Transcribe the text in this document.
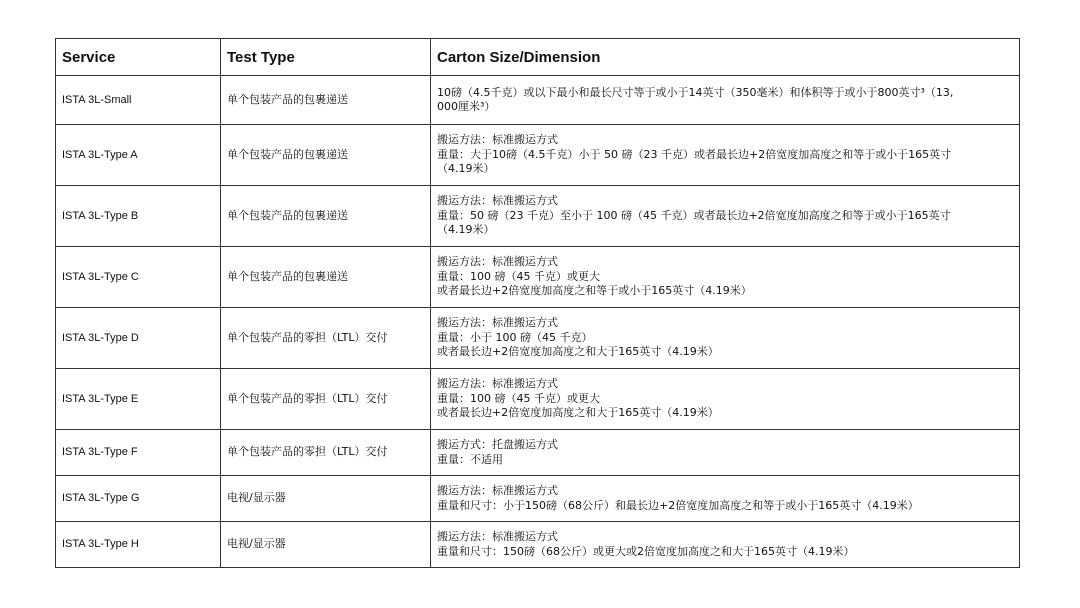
Service	Test Type	Carton Size/Dimension
ISTA 3L-Small	单个包装产品的包裹递送	10磅（4.5千克）或以下最小和最长尺寸等于或小于14英寸（350毫米）和体积等于或小于800英寸³（13,
000厘米³）

ISTA 3L-Type A	单个包装产品的包裹递送	搬运方法：标准搬运方式
重量：大于10磅（4.5千克）小于 50 磅（23 千克）或者最长边+2倍宽度加高度之和等于或小于165英寸
（4.19米）

ISTA 3L-Type B	单个包装产品的包裹递送	搬运方法：标准搬运方式
重量：50 磅（23 千克）至小于 100 磅（45 千克）或者最长边+2倍宽度加高度之和等于或小于165英寸
（4.19米）

ISTA 3L-Type C	单个包装产品的包裹递送	搬运方法：标准搬运方式
重量：100 磅（45 千克）或更大
或者最长边+2倍宽度加高度之和等于或小于165英寸（4.19米）

ISTA 3L-Type D	单个包装产品的零担（LTL）交付	搬运方法：标准搬运方式
重量：小于 100 磅（45 千克）
或者最长边+2倍宽度加高度之和大于165英寸（4.19米）

ISTA 3L-Type E	单个包装产品的零担（LTL）交付	搬运方法：标准搬运方式
重量：100 磅（45 千克）或更大
或者最长边+2倍宽度加高度之和大于165英寸（4.19米）

ISTA 3L-Type F	单个包装产品的零担（LTL）交付	搬运方式：托盘搬运方式
重量：不适用

ISTA 3L-Type G	电视/显示器	搬运方法：标准搬运方式
重量和尺寸：小于150磅（68公斤）和最长边+2倍宽度加高度之和等于或小于165英寸（4.19米）

ISTA 3L-Type H	电视/显示器	搬运方法：标准搬运方式
重量和尺寸：150磅（68公斤）或更大或2倍宽度加高度之和大于165英寸（4.19米）
